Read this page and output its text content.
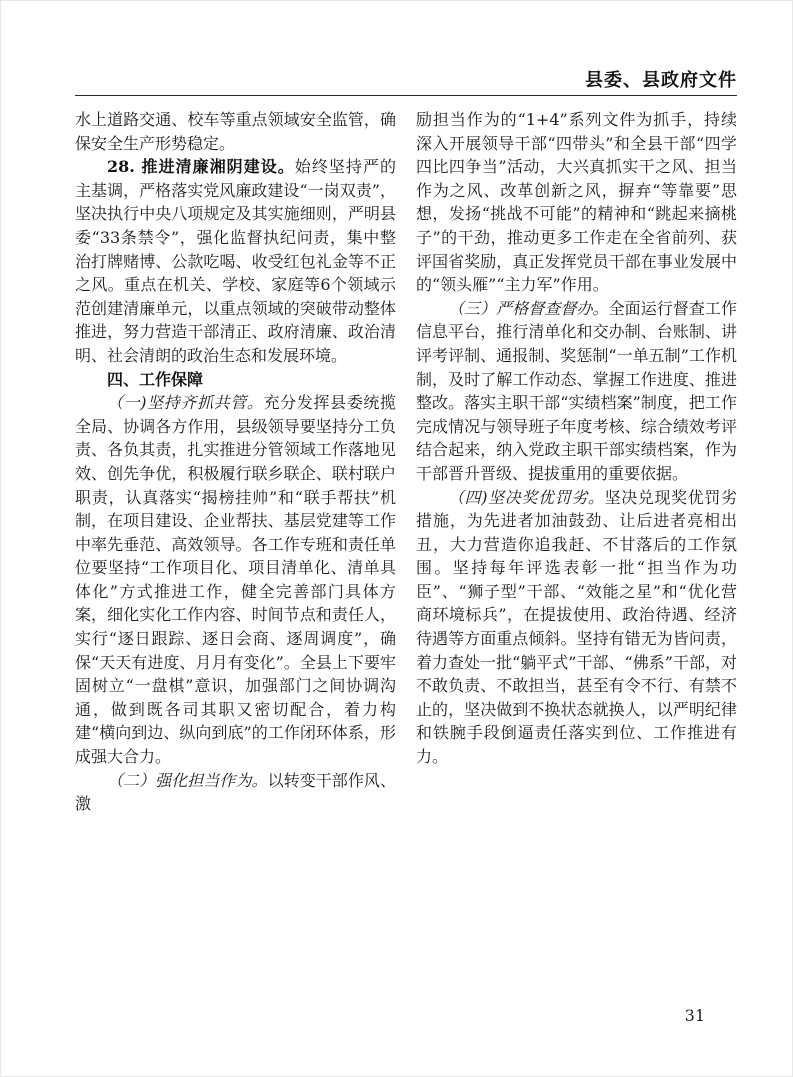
县委、县政府文件

水上道路交通、校车等重点领域安全监管，确保安全生产形势稳定。

28. 推进清廉湘阴建设。始终坚持严的主基调，严格落实党风廉政建设“一岗双责”，坚决执行中央八项规定及其实施细则，严明县委“33条禁令”，强化监督执纪问责，集中整治打牌赌博、公款吃喝、收受红包礼金等不正之风。重点在机关、学校、家庭等6个领域示范创建清廉单元，以重点领域的突破带动整体推进，努力营造干部清正、政府清廉、政治清明、社会清朗的政治生态和发展环境。

四、工作保障

（一)坚持齐抓共管。充分发挥县委统揽全局、协调各方作用，县级领导要坚持分工负责、各负其责，扎实推进分管领域工作落地见效、创先争优，积极履行联乡联企、联村联户职责，认真落实“揭榜挂帅”和“联手帮扶”机制，在项目建设、企业帮扶、基层党建等工作中率先垂范、高效领导。各工作专班和责任单位要坚持“工作项目化、项目清单化、清单具体化”方式推进工作，健全完善部门具体方案，细化实化工作内容、时间节点和责任人，实行“逐日跟踪、逐日会商、逐周调度”，确保“天天有进度、月月有变化”。全县上下要牢固树立“一盘棋”意识，加强部门之间协调沟通，做到既各司其职又密切配合，着力构建“横向到边、纵向到底”的工作闭环体系，形成强大合力。

（二）强化担当作为。以转变干部作风、激

励担当作为的“1+4”系列文件为抓手，持续深入开展领导干部“四带头”和全县干部“四学四比四争当”活动，大兴真抓实干之风、担当作为之风、改革创新之风，摒弃“等靠要”思想，发扬“挑战不可能”的精神和“跳起来摘桃子”的干劲，推动更多工作走在全省前列、获评国省奖励，真正发挥党员干部在事业发展中的“领头雁”“主力军”作用。

（三）严格督查督办。全面运行督查工作信息平台，推行清单化和交办制、台账制、讲评考评制、通报制、奖惩制“一单五制”工作机制，及时了解工作动态、掌握工作进度、推进整改。落实主职干部“实绩档案”制度，把工作完成情况与领导班子年度考核、综合绩效考评结合起来，纳入党政主职干部实绩档案，作为干部晋升晋级、提拔重用的重要依据。

（四)坚决奖优罚劣。坚决兑现奖优罚劣措施，为先进者加油鼓劲、让后进者亮相出丑，大力营造你追我赶、不甘落后的工作氛围。坚持每年评选表彰一批“担当作为功臣”、“狮子型”干部、“效能之星”和“优化营商环境标兵”，在提拔使用、政治待遇、经济待遇等方面重点倾斜。坚持有错无为皆问责，着力查处一批“躺平式”干部、“佛系”干部，对不敢负责、不敢担当，甚至有令不行、有禁不止的，坚决做到不换状态就换人，以严明纪律和铁腕手段倒逼责任落实到位、工作推进有力。

31
